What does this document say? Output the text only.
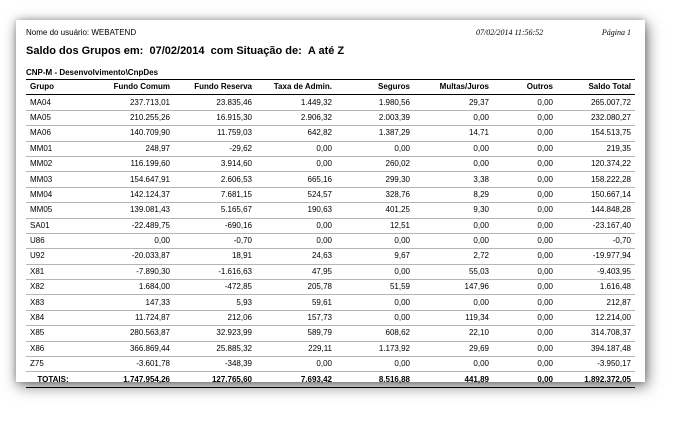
Nome do usuário: WEBATEND	07/02/2014 11:56:52	Página 1
Saldo dos Grupos em: 07/02/2014 com Situação de: A até Z
CNP-M - Desenvolvimento\CnpDes
Grupo	Fundo Comum	Fundo Reserva	Taxa de Admin.	Seguros	Multas/Juros	Outros	Saldo Total
MA04	237.713,01	23.835,46	1.449,32	1.980,56	29,37	0,00	265.007,72
MA05	210.255,26	16.915,30	2.906,32	2.003,39	0,00	0,00	232.080,27
MA06	140.709,90	11.759,03	642,82	1.387,29	14,71	0,00	154.513,75
MM01	248,97	-29,62	0,00	0,00	0,00	0,00	219,35
MM02	116.199,60	3.914,60	0,00	260,02	0,00	0,00	120.374,22
MM03	154.647,91	2.606,53	665,16	299,30	3,38	0,00	158.222,28
MM04	142.124,37	7.681,15	524,57	328,76	8,29	0,00	150.667,14
MM05	139.081,43	5.165,67	190,63	401,25	9,30	0,00	144.848,28
SA01	-22.489,75	-690,16	0,00	12,51	0,00	0,00	-23.167,40
U86	0,00	-0,70	0,00	0,00	0,00	0,00	-0,70
U92	-20.033,87	18,91	24,63	9,67	2,72	0,00	-19.977,94
X81	-7.890,30	-1.616,63	47,95	0,00	55,03	0,00	-9.403,95
X82	1.684,00	-472,85	205,78	51,59	147,96	0,00	1.616,48
X83	147,33	5,93	59,61	0,00	0,00	0,00	212,87
X84	11.724,87	212,06	157,73	0,00	119,34	0,00	12.214,00
X85	280.563,87	32.923,99	589,79	608,62	22,10	0,00	314.708,37
X86	366.869,44	25.885,32	229,11	1.173,92	29,69	0,00	394.187,48
Z75	-3.601,78	-348,39	0,00	0,00	0,00	0,00	-3.950,17
TOTAIS:	1.747.954,26	127.765,60	7.693,42	8.516,88	441,89	0,00	1.892.372,05
